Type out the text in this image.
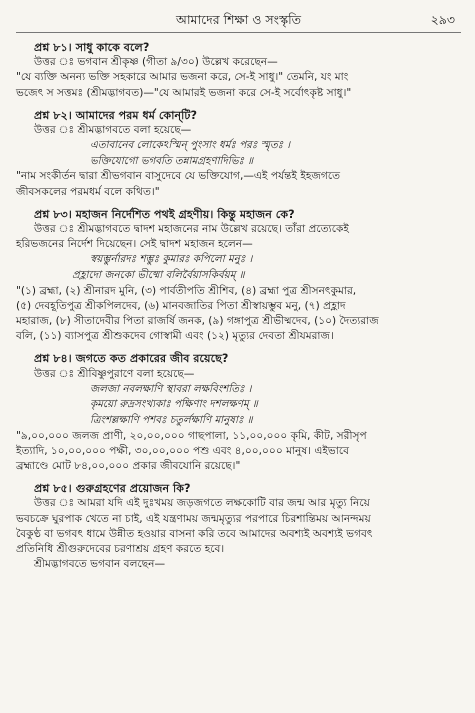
আমাদের শিক্ষা ও সংস্কৃতি	২৯৩
প্রশ্ন ৮১। সাধু কাকে বলে?

উত্তর ঃ ভগবান শ্রীকৃষ্ণ (গীতা ৯/৩০) উল্লেখ করেছেন—

"যে ব্যক্তি অনন্য ভক্তি সহকারে আমার ভজনা করে, সে-ই সাধু।" তেমনি, যং মাং

ভজেৎ স সত্তমঃ (শ্রীমদ্ভাগবত)—"যে আমারই ভজনা করে সে-ই সর্বোৎকৃষ্ট সাধু।"

প্রশ্ন ৮২। আমাদের পরম ধর্ম কোন্‌টি?

উত্তর ঃ শ্রীমদ্ভাগবতে বলা হয়েছে—

এতাবানেব লোকেঽস্মিন্ পুংসাং ধর্মঃ পরঃ স্মৃতঃ ।
ভক্তিযোগো ভগবতি তন্নামগ্রহণাদিভিঃ ॥

"নাম সংকীর্তন দ্বারা শ্রীভগবান বাসুদেবে যে ভক্তিযোগ,—এই পর্যন্তই ইহজগতে

জীবসকলের পরমধর্ম বলে কথিত।"

প্রশ্ন ৮৩। মহাজন নির্দেশিত পথই গ্রহণীয়। কিন্তু মহাজন কে?

উত্তর ঃ শ্রীমদ্ভাগবতে দ্বাদশ মহাজনের নাম উল্লেখ রয়েছে। তাঁরা প্রত্যেকেই

হরিভজনের নির্দেশ দিয়েছেন। সেই দ্বাদশ মহাজন হলেন—

স্বয়ম্ভুর্নারদঃ শম্ভুঃ কুমারঃ কপিলো মনুঃ ।
প্রহ্লাদো জনকো ভীষ্মো বলির্বৈয়াসকির্বয়ম্ ॥

"(১) ব্রহ্মা, (২) শ্রীনারদ মুনি, (৩) পার্বতীপতি শ্রীশিব, (৪) ব্রহ্মা পুত্র শ্রীসনৎকুমার,

(৫) দেবহূতিপুত্র শ্রীকপিলদেব, (৬) মানবজাতির পিতা শ্রীস্বায়ম্ভুব মনু, (৭) প্রহ্লাদ

মহারাজ, (৮) সীতাদেবীর পিতা রাজর্ষি জনক, (৯) গঙ্গাপুত্র শ্রীভীষ্মদেব, (১০) দৈত্যরাজ

বলি, (১১) ব্যাসপুত্র শ্রীশুকদেব গোস্বামী এবং (১২) মৃত্যুর দেবতা শ্রীযমরাজ।

প্রশ্ন ৮৪। জগতে কত প্রকারের জীব রয়েছে?

উত্তর ঃ শ্রীবিষ্ণুপুরাণে বলা হয়েছে—

জলজা নবলক্ষাণি স্থাবরা লক্ষবিংশতিঃ ।
কৃময়ো রুদ্রসংখ্যকাঃ পক্ষিণাং দশলক্ষণম্ ॥
ত্রিংশল্লক্ষাণি পশবঃ চতুর্লক্ষাণি মানুষাঃ ॥

"৯,০০,০০০ জলজ প্রাণী, ২০,০০,০০০ গাছপালা, ১১,০০,০০০ কৃমি, কীট, সরীসৃপ

ইত্যাদি, ১০,০০,০০০ পক্ষী, ৩০,০০,০০০ পশু এবং ৪,০০,০০০ মানুষ। এইভাবে

ব্রহ্মাণ্ডে মোট ৮৪,০০,০০০ প্রকার জীবযোনি রয়েছে।"

প্রশ্ন ৮৫। গুরুগ্রহণের প্রয়োজন কি?

উত্তর ঃ আমরা যদি এই দুঃখময় জড়জগতে লক্ষকোটি বার জন্ম আর মৃত্যু নিয়ে

ভবচক্রে ঘুরপাক খেতে না চাই, এই যন্ত্রণাময় জন্মমৃত্যুর পরপারে চিরশান্তিময় আনন্দময়

বৈকুণ্ঠ বা ভগবৎ ধামে উন্নীত হওয়ার বাসনা করি তবে আমাদের অবশ্যই অবশ্যই ভগবৎ

প্রতিনিধি শ্রীগুরুদেবের চরণাশ্রয় গ্রহণ করতে হবে।

শ্রীমদ্ভাগবতে ভগবান বলছেন—
